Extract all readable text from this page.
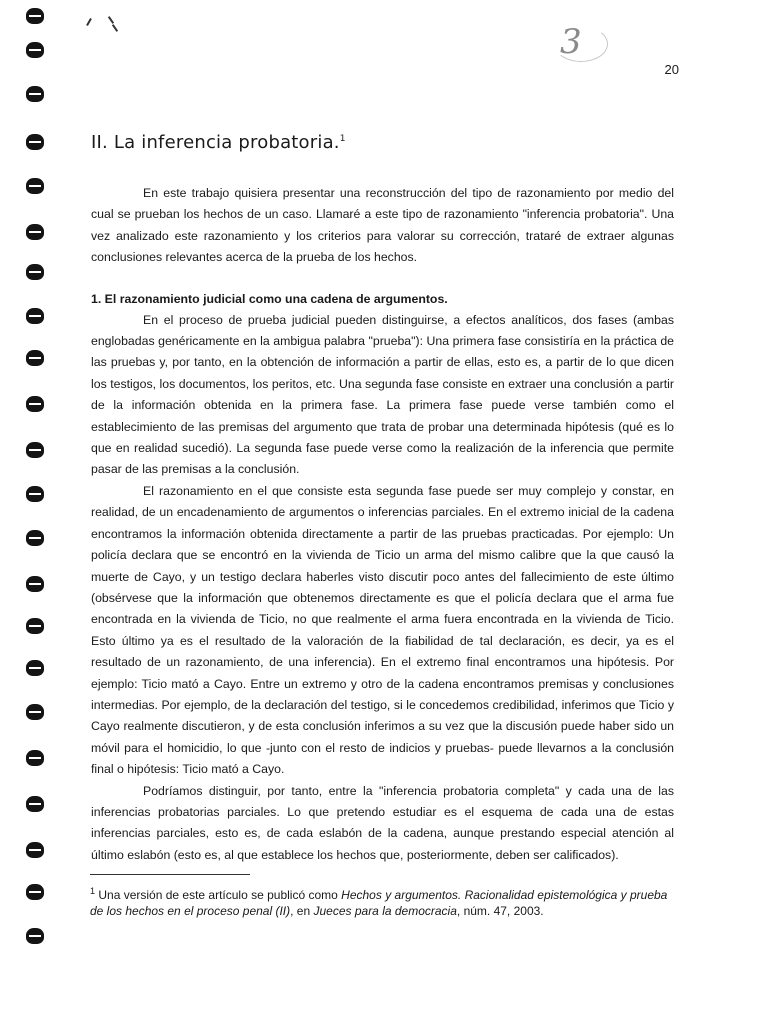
3
20
II. La inferencia probatoria.$^1$

En este trabajo quisiera presentar una reconstrucción del tipo de razonamiento por medio del cual se prueban los hechos de un caso. Llamaré a este tipo de razonamiento "inferencia probatoria". Una vez analizado este razonamiento y los criterios para valorar su corrección, trataré de extraer algunas conclusiones relevantes acerca de la prueba de los hechos.

1. El razonamiento judicial como una cadena de argumentos.

En el proceso de prueba judicial pueden distinguirse, a efectos analíticos, dos fases (ambas englobadas genéricamente en la ambigua palabra "prueba"): Una primera fase consistiría en la práctica de las pruebas y, por tanto, en la obtención de información a partir de ellas, esto es, a partir de lo que dicen los testigos, los documentos, los peritos, etc. Una segunda fase consiste en extraer una conclusión a partir de la información obtenida en la primera fase. La primera fase puede verse también como el establecimiento de las premisas del argumento que trata de probar una determinada hipótesis (qué es lo que en realidad sucedió). La segunda fase puede verse como la realización de la inferencia que permite pasar de las premisas a la conclusión.

El razonamiento en el que consiste esta segunda fase puede ser muy complejo y constar, en realidad, de un encadenamiento de argumentos o inferencias parciales. En el extremo inicial de la cadena encontramos la información obtenida directamente a partir de las pruebas practicadas. Por ejemplo: Un policía declara que se encontró en la vivienda de Ticio un arma del mismo calibre que la que causó la muerte de Cayo, y un testigo declara haberles visto discutir poco antes del fallecimiento de este último (obsérvese que la información que obtenemos directamente es que el policía declara que el arma fue encontrada en la vivienda de Ticio, no que realmente el arma fuera encontrada en la vivienda de Ticio. Esto último ya es el resultado de la valoración de la fiabilidad de tal declaración, es decir, ya es el resultado de un razonamiento, de una inferencia). En el extremo final encontramos una hipótesis. Por ejemplo: Ticio mató a Cayo. Entre un extremo y otro de la cadena encontramos premisas y conclusiones intermedias. Por ejemplo, de la declaración del testigo, si le concedemos credibilidad, inferimos que Ticio y Cayo realmente discutieron, y de esta conclusión inferimos a su vez que la discusión puede haber sido un móvil para el homicidio, lo que -junto con el resto de indicios y pruebas- puede llevarnos a la conclusión final o hipótesis: Ticio mató a Cayo.

Podríamos distinguir, por tanto, entre la "inferencia probatoria completa" y cada una de las inferencias probatorias parciales. Lo que pretendo estudiar es el esquema de cada una de estas inferencias parciales, esto es, de cada eslabón de la cadena, aunque prestando especial atención al último eslabón (esto es, al que establece los hechos que, posteriormente, deben ser calificados).

$^1$ Una versión de este artículo se publicó como Hechos y argumentos. Racionalidad epistemológica y prueba de los hechos en el proceso penal (II), en Jueces para la democracia, núm. 47, 2003.
